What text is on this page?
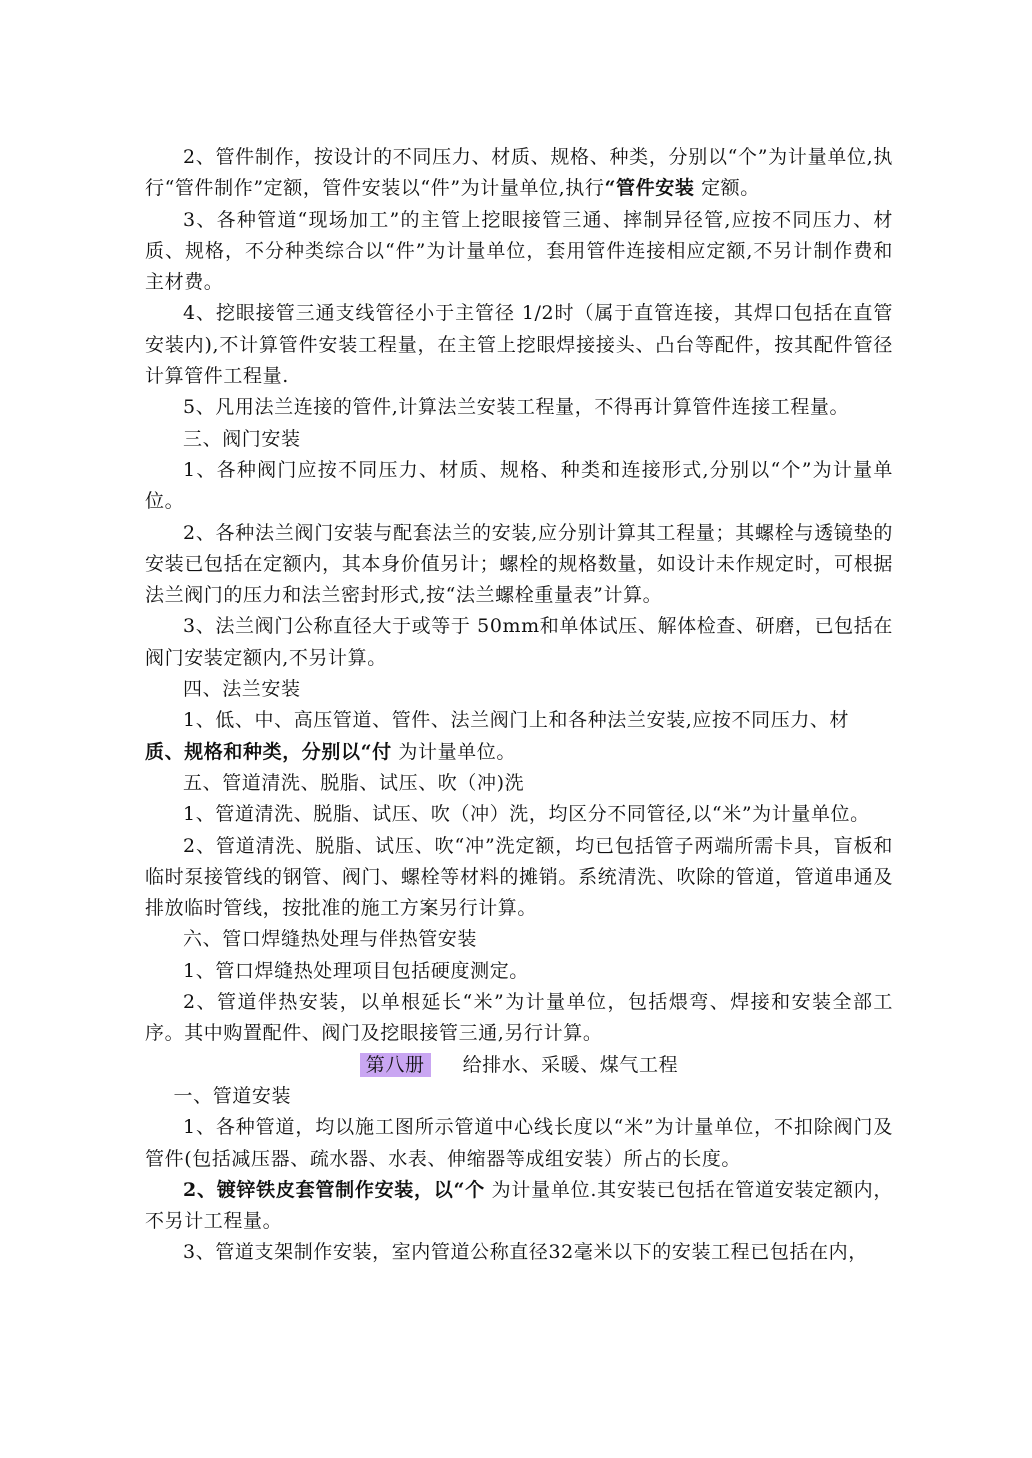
2、管件制作，按设计的不同压力、材质、规格、种类，分别以“个”为计量单位,执行“管件制作”定额，管件安装以“件”为计量单位,执行“管件安装 定额。

3、各种管道“现场加工”的主管上挖眼接管三通、摔制异径管,应按不同压力、材质、规格，不分种类综合以“件”为计量单位，套用管件连接相应定额,不另计制作费和主材费。

4、挖眼接管三通支线管径小于主管径 1/2时（属于直管连接，其焊口包括在直管安装内),不计算管件安装工程量，在主管上挖眼焊接接头、凸台等配件，按其配件管径计算管件工程量.

5、凡用法兰连接的管件,计算法兰安装工程量，不得再计算管件连接工程量。

三、阀门安装

1、各种阀门应按不同压力、材质、规格、种类和连接形式,分别以“个”为计量单位。

2、各种法兰阀门安装与配套法兰的安装,应分别计算其工程量；其螺栓与透镜垫的安装已包括在定额内，其本身价值另计；螺栓的规格数量，如设计未作规定时，可根据法兰阀门的压力和法兰密封形式,按“法兰螺栓重量表”计算。

3、法兰阀门公称直径大于或等于 50mm和单体试压、解体检查、研磨，已包括在阀门安装定额内,不另计算。

四、法兰安装

1、低、中、高压管道、管件、法兰阀门上和各种法兰安装,应按不同压力、材

质、规格和种类，分别以“付 为计量单位。

五、管道清洗、脱脂、试压、吹（冲)洗

1、管道清洗、脱脂、试压、吹（冲）洗，均区分不同管径,以“米”为计量单位。

2、管道清洗、脱脂、试压、吹“冲”洗定额，均已包括管子两端所需卡具，盲板和临时泵接管线的钢管、阀门、螺栓等材料的摊销。系统清洗、吹除的管道，管道串通及排放临时管线，按批准的施工方案另行计算。

六、管口焊缝热处理与伴热管安装

1、管口焊缝热处理项目包括硬度测定。

2、管道伴热安装，以单根延长“米”为计量单位，包括煨弯、焊接和安装全部工序。其中购置配件、阀门及挖眼接管三通,另行计算。

第八册 给排水、采暖、煤气工程

一、管道安装

1、各种管道，均以施工图所示管道中心线长度以“米”为计量单位，不扣除阀门及管件(包括减压器、疏水器、水表、伸缩器等成组安装）所占的长度。

2、镀锌铁皮套管制作安装，以“个 为计量单位.其安装已包括在管道安装定额内，不另计工程量。

3、管道支架制作安装，室内管道公称直径32毫米以下的安装工程已包括在内，
